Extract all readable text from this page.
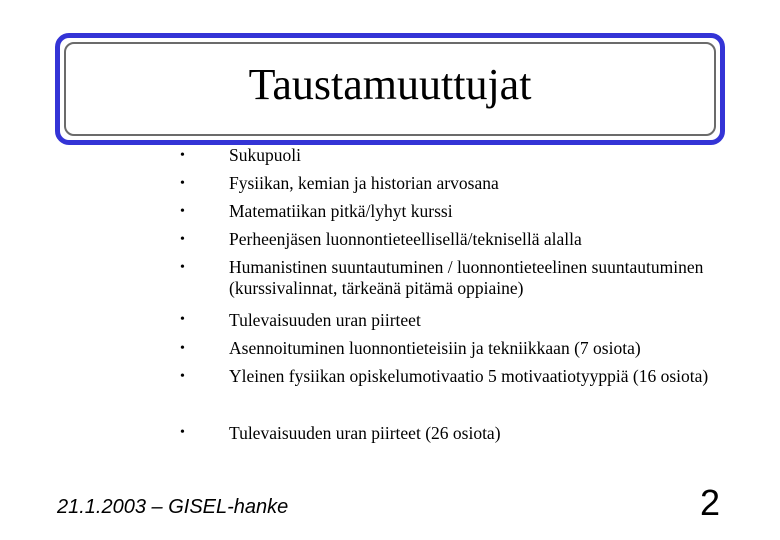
Taustamuuttujat
•	Sukupuoli
•	Fysiikan, kemian ja historian arvosana
•	Matematiikan pitkä/lyhyt kurssi
•	Perheenjäsen luonnontieteellisellä/teknisellä alalla
•	Humanistinen suuntautuminen / luonnontieteelinen suuntautuminen (kurssivalinnat, tärkeänä pitämä oppiaine)
•	Tulevaisuuden uran piirteet
•	Asennoituminen luonnontieteisiin ja tekniikkaan (7 osiota)
•	Yleinen fysiikan opiskelumotivaatio 5 motivaatiotyyppiä (16 osiota)
•	Tulevaisuuden uran piirteet (26 osiota)
21.1.2003 – GISEL-hanke	2
